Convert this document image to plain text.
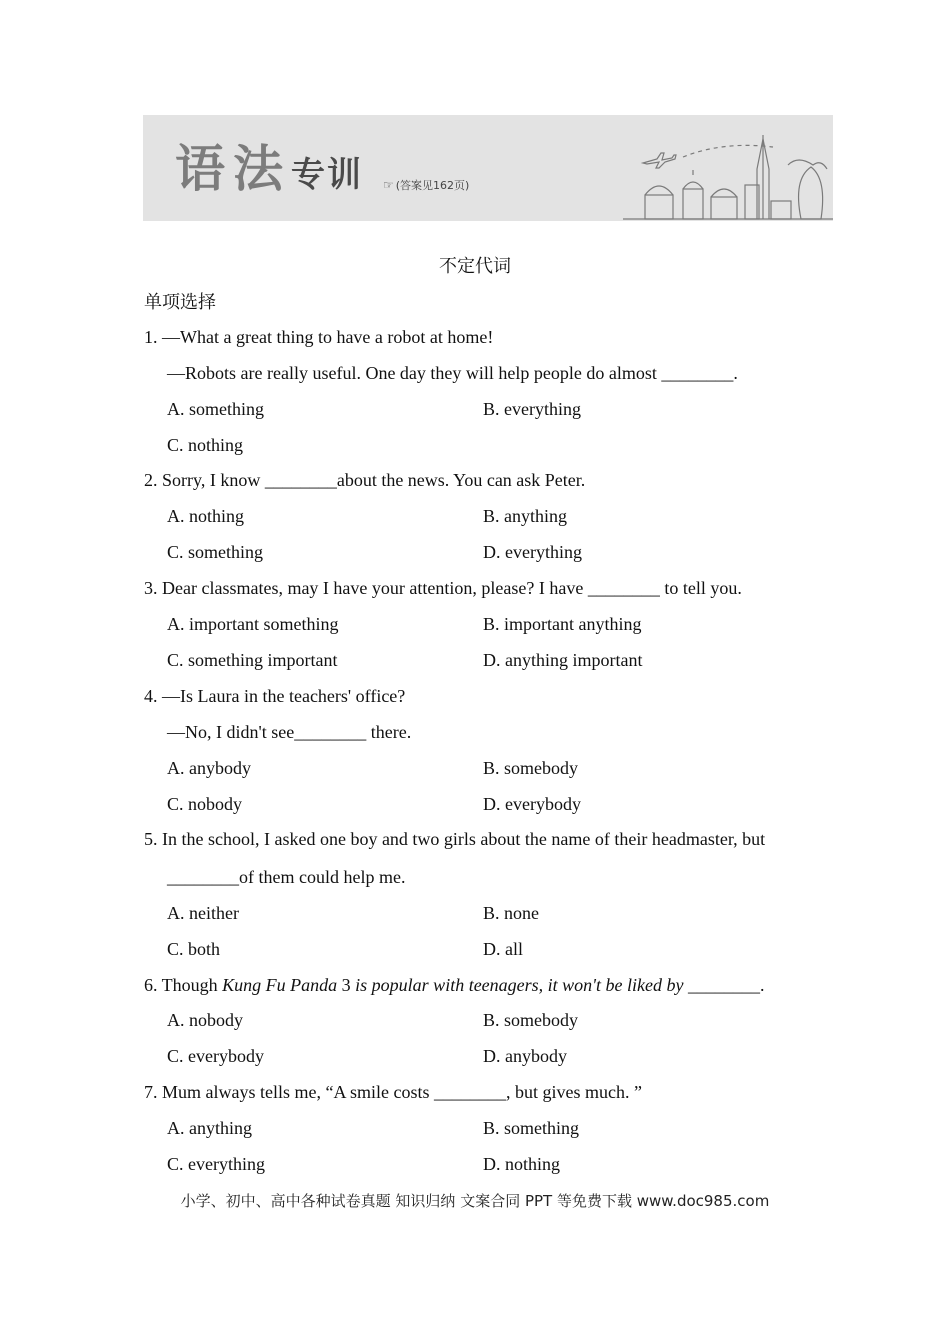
语法专训 ☞ (答案见162页)
不定代词
单项选择
1. —What a great thing to have a robot at home!
—Robots are really useful. One day they will help people do almost ________.
A. something	B. everything
C. nothing
2. Sorry, I know ________about the news. You can ask Peter.
A. nothing	B. anything
C. something	D. everything
3. Dear classmates, may I have your attention, please? I have ________ to tell you.
A. important something	B. important anything
C. something important	D. anything important
4. —Is Laura in the teachers' office?
—No, I didn't see________ there.
A. anybody	B. somebody
C. nobody	D. everybody
5. In the school, I asked one boy and two girls about the name of their headmaster, but
________of them could help me.
A. neither	B. none
C. both	D. all
6. Though Kung Fu Panda 3 is popular with teenagers, it won't be liked by ________.
A. nobody	B. somebody
C. everybody	D. anybody
7. Mum always tells me, “A smile costs ________, but gives much. ”
A. anything	B. something
C. everything	D. nothing
小学、初中、高中各种试卷真题 知识归纳 文案合同 PPT 等免费下载 www.doc985.com
